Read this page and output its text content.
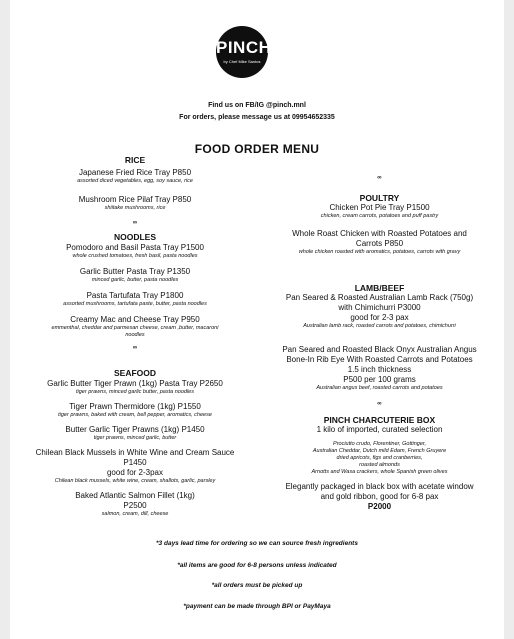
PINCH
by Chef Mike Santos
Find us on FB/IG @pinch.mnl
For orders, please message us at 09954652335
FOOD ORDER MENU
RICE
Japanese Fried Rice Tray P850
assorted diced vegetables, egg, soy sauce, rice
Mushroom Rice Pilaf Tray P850
shiitake mushrooms, rice
∞
NOODLES
Pomodoro and Basil Pasta Tray P1500
whole crushed tomatoes, fresh basil, pasta noodles
Garlic Butter Pasta Tray P1350
minced garlic, butter, pasta noodles
Pasta Tartufata Tray P1800
assorted mushrooms, tartufata paste, butter, pasta noodles
Creamy Mac and Cheese Tray P950
emmenthal, cheddar and parmesan cheese, cream ,butter, macaroni
noodles
∞
SEAFOOD
Garlic Butter Tiger Prawn (1kg) Pasta Tray P2650
tiger prawns, minced garlic butter, pasta noodles
Tiger Prawn Thermidore (1kg) P1550
tiger prawns, baked with cream, bell pepper, aromatics, cheese
Butter Garlic Tiger Prawns (1kg) P1450
tiger prawns, minced garlic, butter
Chilean Black Mussels in White Wine and Cream Sauce
P1450
good for 2-3pax
Chilean black mussels, white wine, cream, shallots, garlic, parsley
Baked Atlantic Salmon Fillet (1kg)
P2500
salmon, cream, dill, cheese
∞
POULTRY
Chicken Pot Pie Tray P1500
chicken, cream carrots, potatoes and puff pastry
Whole Roast Chicken with Roasted Potatoes and
Carrots P850
whole chicken roasted with aromatics, potatoes, carrots with gravy
LAMB/BEEF
Pan Seared & Roasted Australian Lamb Rack (750g)
with Chimichurri P3000
good for 2-3 pax
Australian lamb rack, roasted carrots and potatoes, chimichurri
Pan Seared and Roasted Black Onyx Australian Angus
Bone-In Rib Eye With Roasted Carrots and Potatoes
1.5 inch thickness
P500 per 100 grams
Australian angus beef, roasted carrots and potatoes
∞
PINCH CHARCUTERIE BOX
1 kilo of imported, curated selection
Prociutto crudo, Florentiner, Gottinger,
Australian Cheddar, Dutch mild Edam, French Gruyere
dried apricots, figs and cranberries,
roasted almonds
Arnotts and Wasa crackers, whole Spanish green olives
Elegantly packaged in black box with acetate window
and gold ribbon, good for 6-8 pax
P2000
*3 days lead time for ordering so we can source fresh ingredients
*all items are good for 6-8 persons unless indicated
*all orders must be picked up
*payment can be made through BPI or PayMaya
